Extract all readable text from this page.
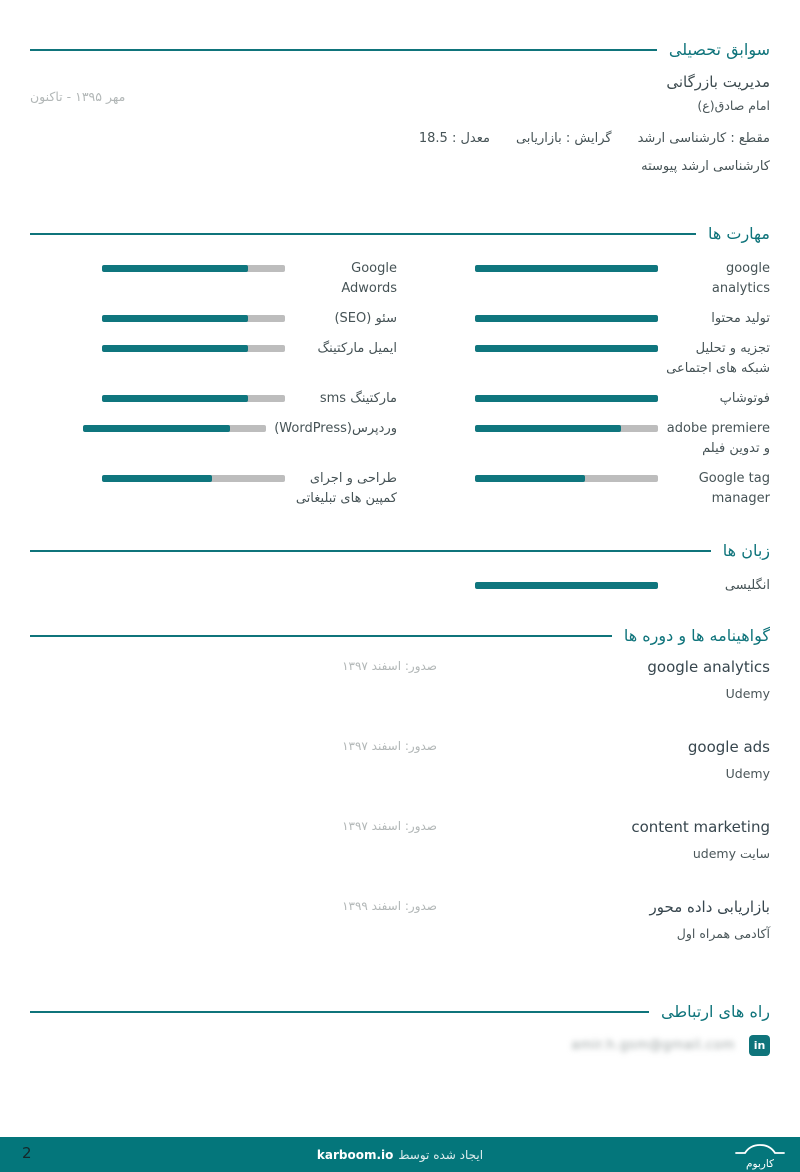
سوابق تحصیلی
مهر ۱۳۹۵ - تاکنون
مدیریت بازرگانی
امام صادق(ع)
مقطع : کارشناسی ارشد
گرایش : بازاریابی
معدل : 18.5
کارشناسی ارشد پیوسته
مهارت ها
google analytics
Google Adwords
تولید محتوا
سئو (SEO)
تجزیه و تحلیل شبکه های اجتماعی
ایمیل مارکتینگ
فوتوشاپ
sms مارکتینگ
adobe premiere و تدوین فیلم
وردپرس(WordPress)
Google tag manager
طراحی و اجرای کمپین های تبلیغاتی
زبان ها
انگلیسی
گواهینامه ها و دوره ها
google analytics
Udemy
صدور: اسفند ۱۳۹۷
google ads
Udemy
صدور: اسفند ۱۳۹۷
content marketing
سایت udemy
صدور: اسفند ۱۳۹۷
بازاریابی داده محور
آکادمی همراه اول
صدور: اسفند ۱۳۹۹
راه های ارتباطی
in
amir.h.gsm@gmail.com
2	ایجاد شده توسط
karboom.io
کاربوم
